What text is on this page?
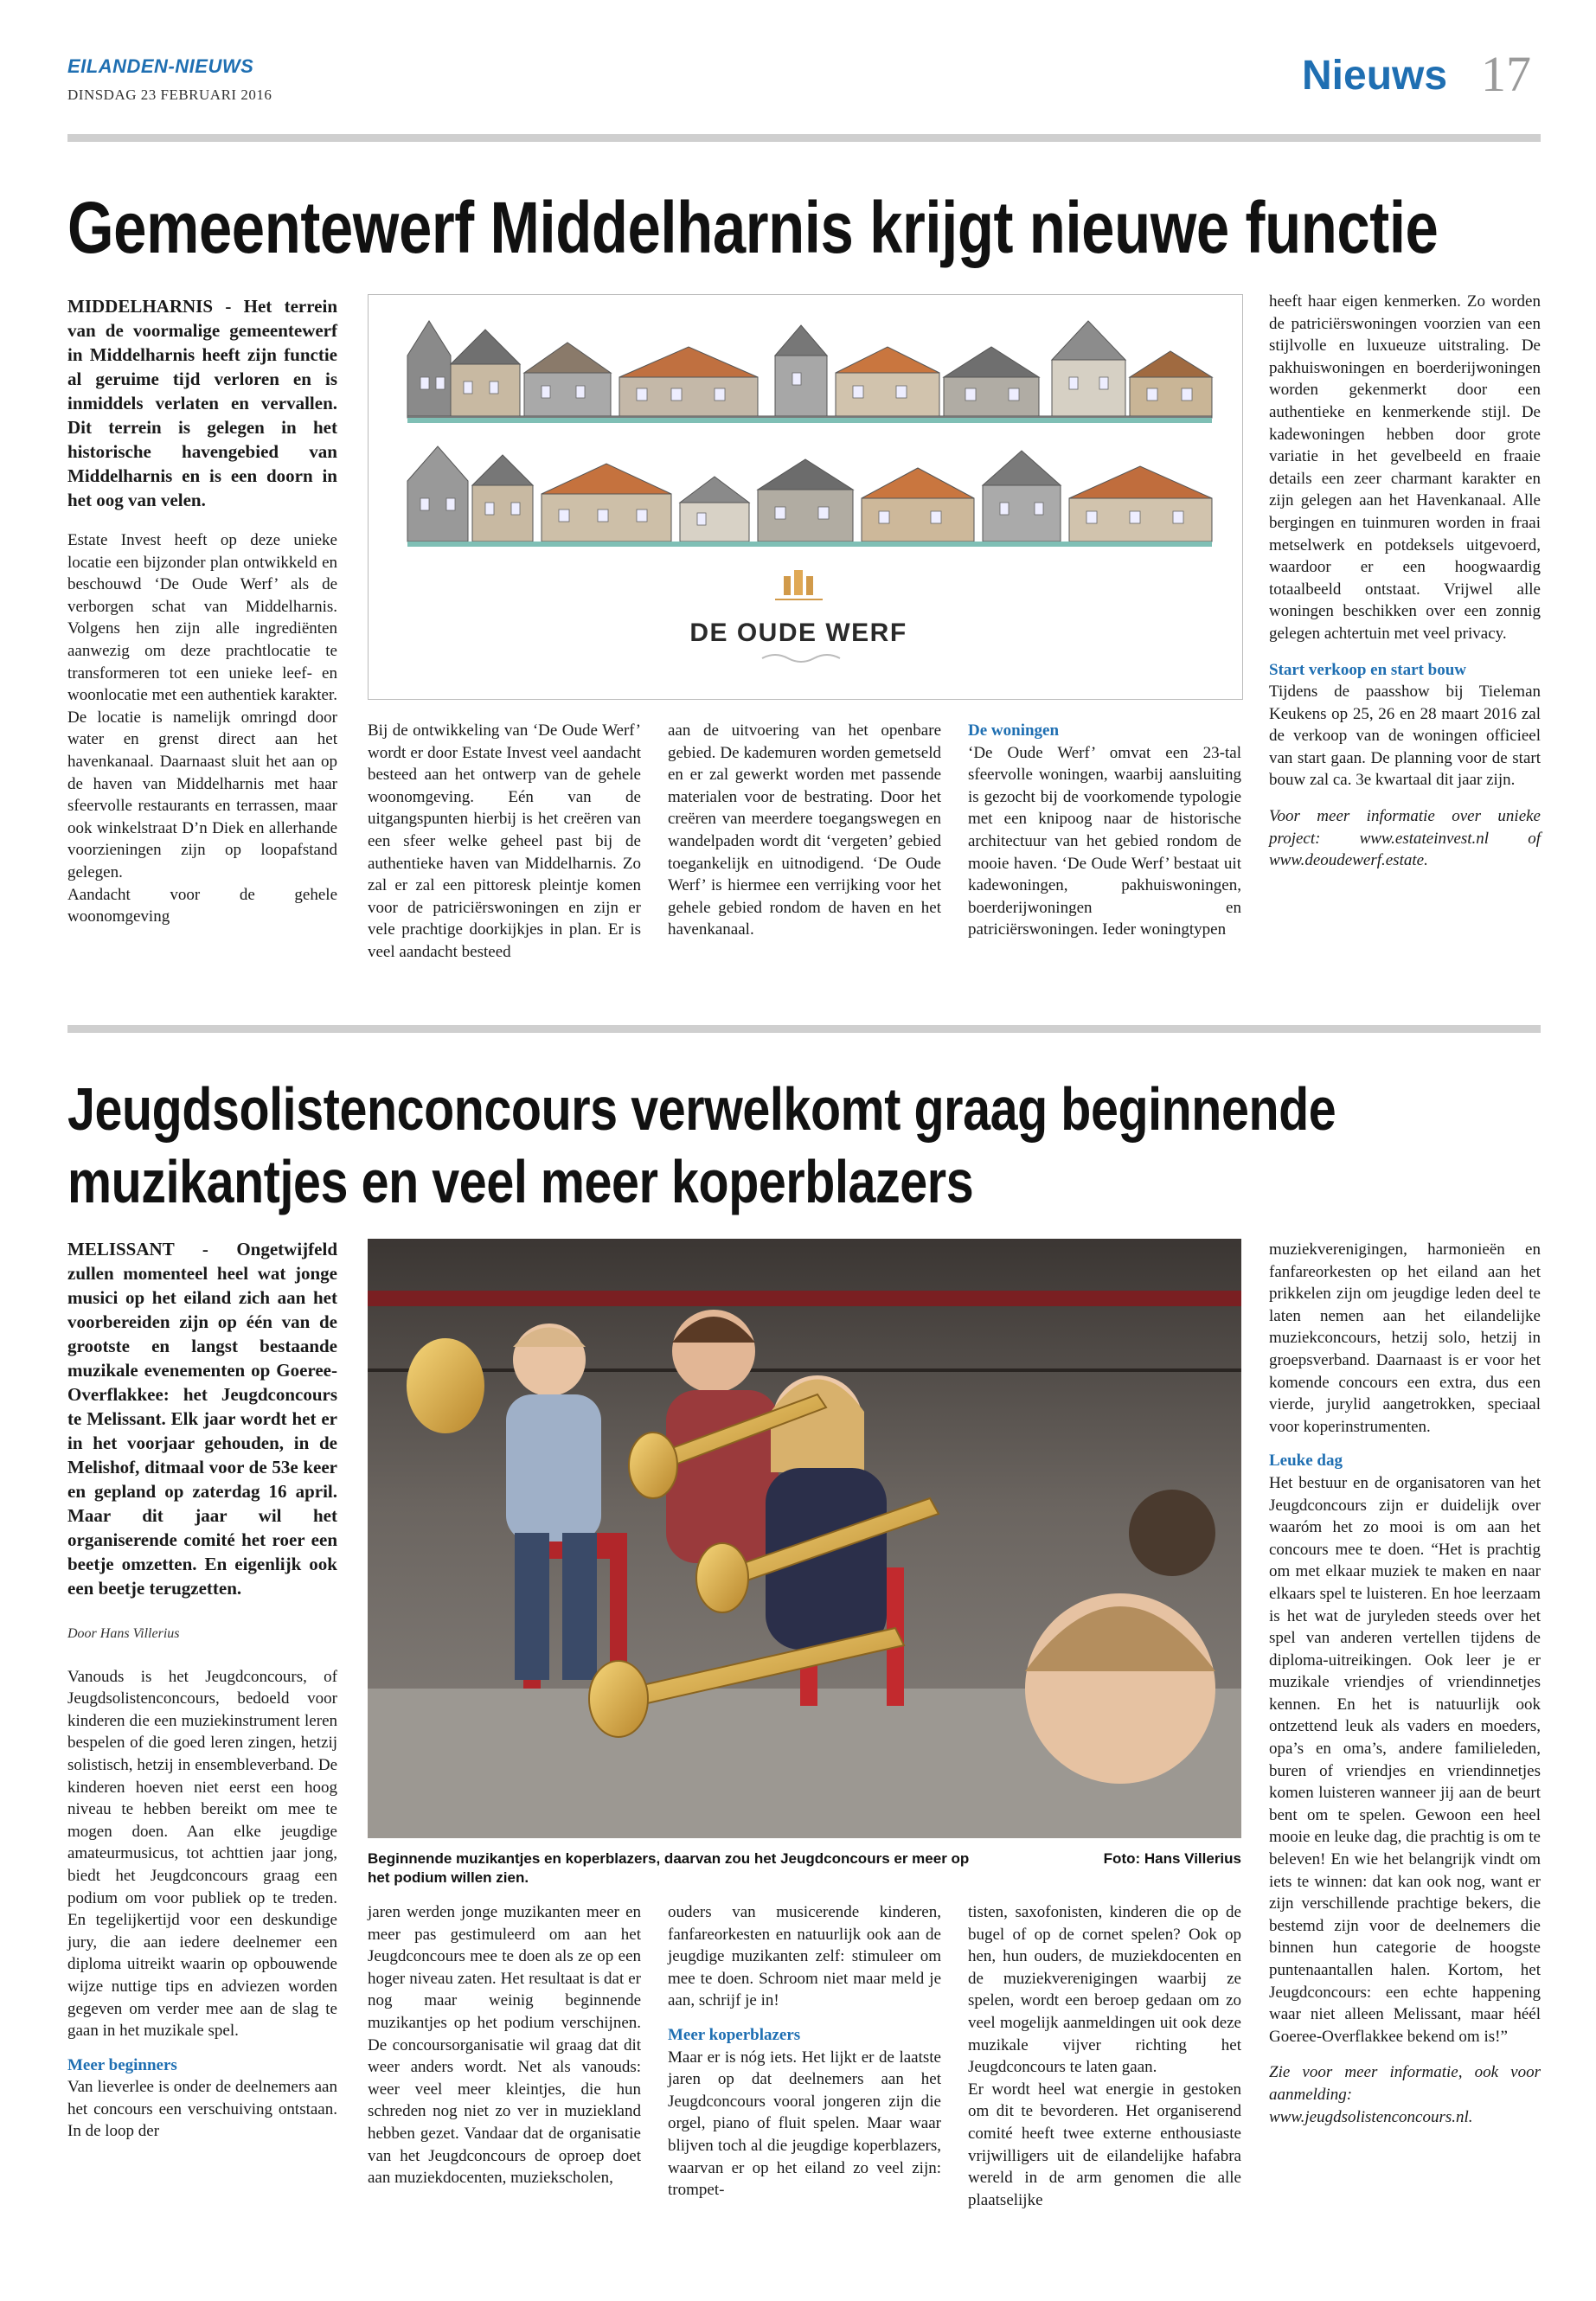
EILANDEN-NIEUWS
DINSDAG 23 FEBRUARI 2016	Nieuws 17
Gemeentewerf Middelharnis krijgt nieuwe functie

MIDDELHARNIS - Het terrein van de voormalige gemeentewerf in Middelharnis heeft zijn functie al geruime tijd verloren en is inmiddels verlaten en vervallen. Dit terrein is gelegen in het historische havengebied van Middelharnis en is een doorn in het oog van velen.

Estate Invest heeft op deze unieke locatie een bijzonder plan ontwikkeld en beschouwd ‘De Oude Werf’ als de verborgen schat van Middelharnis. Volgens hen zijn alle ingrediënten aanwezig om deze prachtlocatie te transformeren tot een unieke leef- en woonlocatie met een authentiek karakter. De locatie is namelijk omringd door water en grenst direct aan het havenkanaal. Daarnaast sluit het aan op de haven van Middelharnis met haar sfeervolle restaurants en terrassen, maar ook winkelstraat D’n Diek en allerhande voorzieningen zijn op loopafstand gelegen.

Aandacht voor de gehele woonomgeving

DE OUDE WERF

Bij de ontwikkeling van ‘De Oude Werf’ wordt er door Estate Invest veel aandacht besteed aan het ontwerp van de gehele woonomgeving. Eén van de uitgangspunten hierbij is het creëren van een sfeer welke geheel past bij de authentieke haven van Middelharnis. Zo zal er zal een pittoresk pleintje komen voor de patriciërswoningen en zijn er vele prachtige doorkijkjes in plan. Er is veel aandacht besteed

aan de uitvoering van het openbare gebied. De kademuren worden gemetseld en er zal gewerkt worden met passende materialen voor de bestrating. Door het creëren van meerdere toegangswegen en wandelpaden wordt dit ‘vergeten’ gebied toegankelijk en uitnodigend. ‘De Oude Werf’ is hiermee een verrijking voor het gehele gebied rondom de haven en het havenkanaal.

De woningen

‘De Oude Werf’ omvat een 23-tal sfeervolle woningen, waarbij aansluiting is gezocht bij de voorkomende typologie met een knipoog naar de historische architectuur van het gebied rondom de mooie haven. ‘De Oude Werf’ bestaat uit kadewoningen, pakhuiswoningen, boerderijwoningen en patriciërswoningen. Ieder woningtypen

heeft haar eigen kenmerken. Zo worden de patriciërswoningen voorzien van een stijlvolle en luxueuze uitstraling. De pakhuiswoningen en boerderijwoningen worden gekenmerkt door een authentieke en kenmerkende stijl. De kadewoningen hebben door grote variatie in het gevelbeeld en fraaie details een zeer charmant karakter en zijn gelegen aan het Havenkanaal. Alle bergingen en tuinmuren worden in fraai metselwerk en potdeksels uitgevoerd, waardoor er een hoogwaardig totaalbeeld ontstaat. Vrijwel alle woningen beschikken over een zonnig gelegen achtertuin met veel privacy.

Start verkoop en start bouw

Tijdens de paasshow bij Tieleman Keukens op 25, 26 en 28 maart 2016 zal de verkoop van de woningen officieel van start gaan. De planning voor de start bouw zal ca. 3e kwartaal dit jaar zijn.

Voor meer informatie over unieke project: www.estateinvest.nl of www.deoudewerf.estate.

Jeugdsolistenconcours verwelkomt graag beginnende
muzikantjes en veel meer koperblazers

MELISSANT - Ongetwijfeld zullen momenteel heel wat jonge musici op het eiland zich aan het voorbereiden zijn op één van de grootste en langst bestaande muzikale evenementen op Goeree-Overflakkee: het Jeugdconcours te Melissant. Elk jaar wordt het er in het voorjaar gehouden, in de Melishof, ditmaal voor de 53e keer en gepland op zaterdag 16 april. Maar dit jaar wil het organiserende comité het roer een beetje omzetten. En eigenlijk ook een beetje terugzetten.

Door Hans Villerius

Vanouds is het Jeugdconcours, of Jeugdsolistenconcours, bedoeld voor kinderen die een muziekinstrument leren bespelen of die goed leren zingen, hetzij solistisch, hetzij in ensembleverband. De kinderen hoeven niet eerst een hoog niveau te hebben bereikt om mee te mogen doen. Aan elke jeugdige amateurmusicus, tot achttien jaar jong, biedt het Jeugdconcours graag een podium om voor publiek op te treden. En tegelijkertijd voor een deskundige jury, die aan iedere deelnemer een diploma uitreikt waarin op opbouwende wijze nuttige tips en adviezen worden gegeven om verder mee aan de slag te gaan in het muzikale spel.

Meer beginners

Van lieverlee is onder de deelnemers aan het concours een verschuiving ontstaan. In de loop der

Beginnende muzikantjes en koperblazers, daarvan zou het Jeugdconcours er meer op het podium willen zien.
Foto: Hans Villerius

jaren werden jonge muzikanten meer en meer pas gestimuleerd om aan het Jeugdconcours mee te doen als ze op een hoger niveau zaten. Het resultaat is dat er nog maar weinig beginnende muzikantjes op het podium verschijnen. De concoursorganisatie wil graag dat dit weer anders wordt. Net als vanouds: weer veel meer kleintjes, die hun schreden nog niet zo ver in muziekland hebben gezet. Vandaar dat de organisatie van het Jeugdconcours de oproep doet aan muziekdocenten, muziekscholen,

ouders van musicerende kinderen, fanfareorkesten en natuurlijk ook aan de jeugdige muzikanten zelf: stimuleer om mee te doen. Schroom niet maar meld je aan, schrijf je in!

Meer koperblazers

Maar er is nóg iets. Het lijkt er de laatste jaren op dat deelnemers aan het Jeugdconcours vooral jongeren zijn die orgel, piano of fluit spelen. Maar waar blijven toch al die jeugdige koperblazers, waarvan er op het eiland zo veel zijn: trompet-

tisten, saxofonisten, kinderen die op de bugel of op de cornet spelen? Ook op hen, hun ouders, de muziekdocenten en de muziekverenigingen waarbij ze spelen, wordt een beroep gedaan om zo veel mogelijk aanmeldingen uit ook deze muzikale vijver richting het Jeugdconcours te laten gaan.

Er wordt heel wat energie in gestoken om dit te bevorderen. Het organiserend comité heeft twee externe enthousiaste vrijwilligers uit de eilandelijke hafabra wereld in de arm genomen die alle plaatselijke

muziekverenigingen, harmonieën en fanfareorkesten op het eiland aan het prikkelen zijn om jeugdige leden deel te laten nemen aan het eilandelijke muziekconcours, hetzij solo, hetzij in groepsverband. Daarnaast is er voor het komende concours een extra, dus een vierde, jurylid aangetrokken, speciaal voor koperinstrumenten.

Leuke dag

Het bestuur en de organisatoren van het Jeugdconcours zijn er duidelijk over waaróm het zo mooi is om aan het concours mee te doen. “Het is prachtig om met elkaar muziek te maken en naar elkaars spel te luisteren. En hoe leerzaam is het wat de juryleden steeds over het spel van anderen vertellen tijdens de diploma-uitreikingen. Ook leer je er muzikale vriendjes of vriendinnetjes kennen. En het is natuurlijk ook ontzettend leuk als vaders en moeders, opa’s en oma’s, andere familieleden, buren of vriendjes en vriendinnetjes komen luisteren wanneer jij aan de beurt bent om te spelen. Gewoon een heel mooie en leuke dag, die prachtig is om te beleven! En wie het belangrijk vindt om iets te winnen: dat kan ook nog, want er zijn verschillende prachtige bekers, die bestemd zijn voor de deelnemers die binnen hun categorie de hoogste puntenaantallen halen. Kortom, het Jeugdconcours: een echte happening waar niet alleen Melissant, maar héél Goeree-Overflakkee bekend om is!”

Zie voor meer informatie, ook voor aanmelding: www.jeugdsolistenconcours.nl.
